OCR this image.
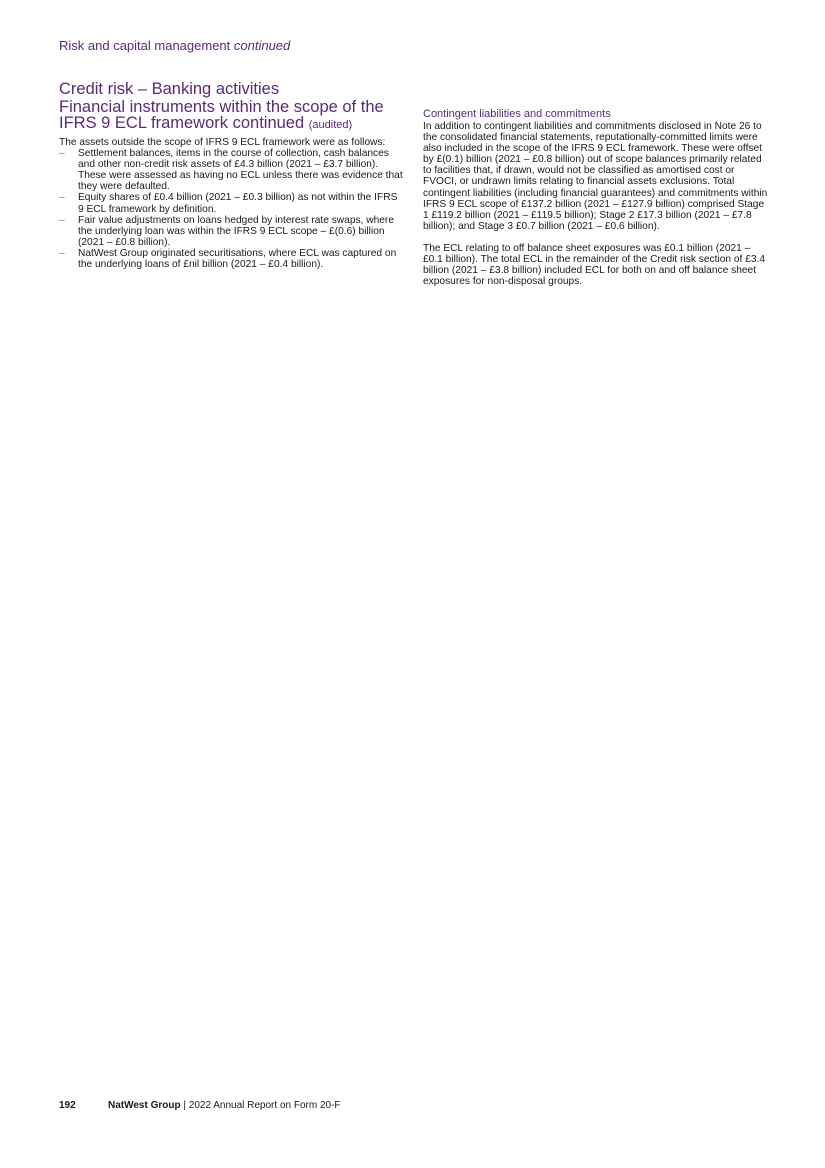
Risk and capital management continued
Credit risk – Banking activities
Financial instruments within the scope of the IFRS 9 ECL framework continued (audited)

The assets outside the scope of IFRS 9 ECL framework were as follows:

– Settlement balances, items in the course of collection, cash balances and other non-credit risk assets of £4.3 billion (2021 – £3.7 billion). These were assessed as having no ECL unless there was evidence that they were defaulted.
– Equity shares of £0.4 billion (2021 – £0.3 billion) as not within the IFRS 9 ECL framework by definition.
– Fair value adjustments on loans hedged by interest rate swaps, where the underlying loan was within the IFRS 9 ECL scope – £(0.6) billion (2021 – £0.8 billion).
– NatWest Group originated securitisations, where ECL was captured on the underlying loans of £nil billion (2021 – £0.4 billion).
Contingent liabilities and commitments

In addition to contingent liabilities and commitments disclosed in Note 26 to the consolidated financial statements, reputationally-committed limits were also included in the scope of the IFRS 9 ECL framework. These were offset by £(0.1) billion (2021 – £0.8 billion) out of scope balances primarily related to facilities that, if drawn, would not be classified as amortised cost or FVOCI, or undrawn limits relating to financial assets exclusions. Total contingent liabilities (including financial guarantees) and commitments within IFRS 9 ECL scope of £137.2 billion (2021 – £127.9 billion) comprised Stage 1 £119.2 billion (2021 – £119.5 billion); Stage 2 £17.3 billion (2021 – £7.8 billion); and Stage 3 £0.7 billion (2021 – £0.6 billion).

The ECL relating to off balance sheet exposures was £0.1 billion (2021 – £0.1 billion). The total ECL in the remainder of the Credit risk section of £3.4 billion (2021 – £3.8 billion) included ECL for both on and off balance sheet exposures for non-disposal groups.

192	NatWest Group | 2022 Annual Report on Form 20-F
